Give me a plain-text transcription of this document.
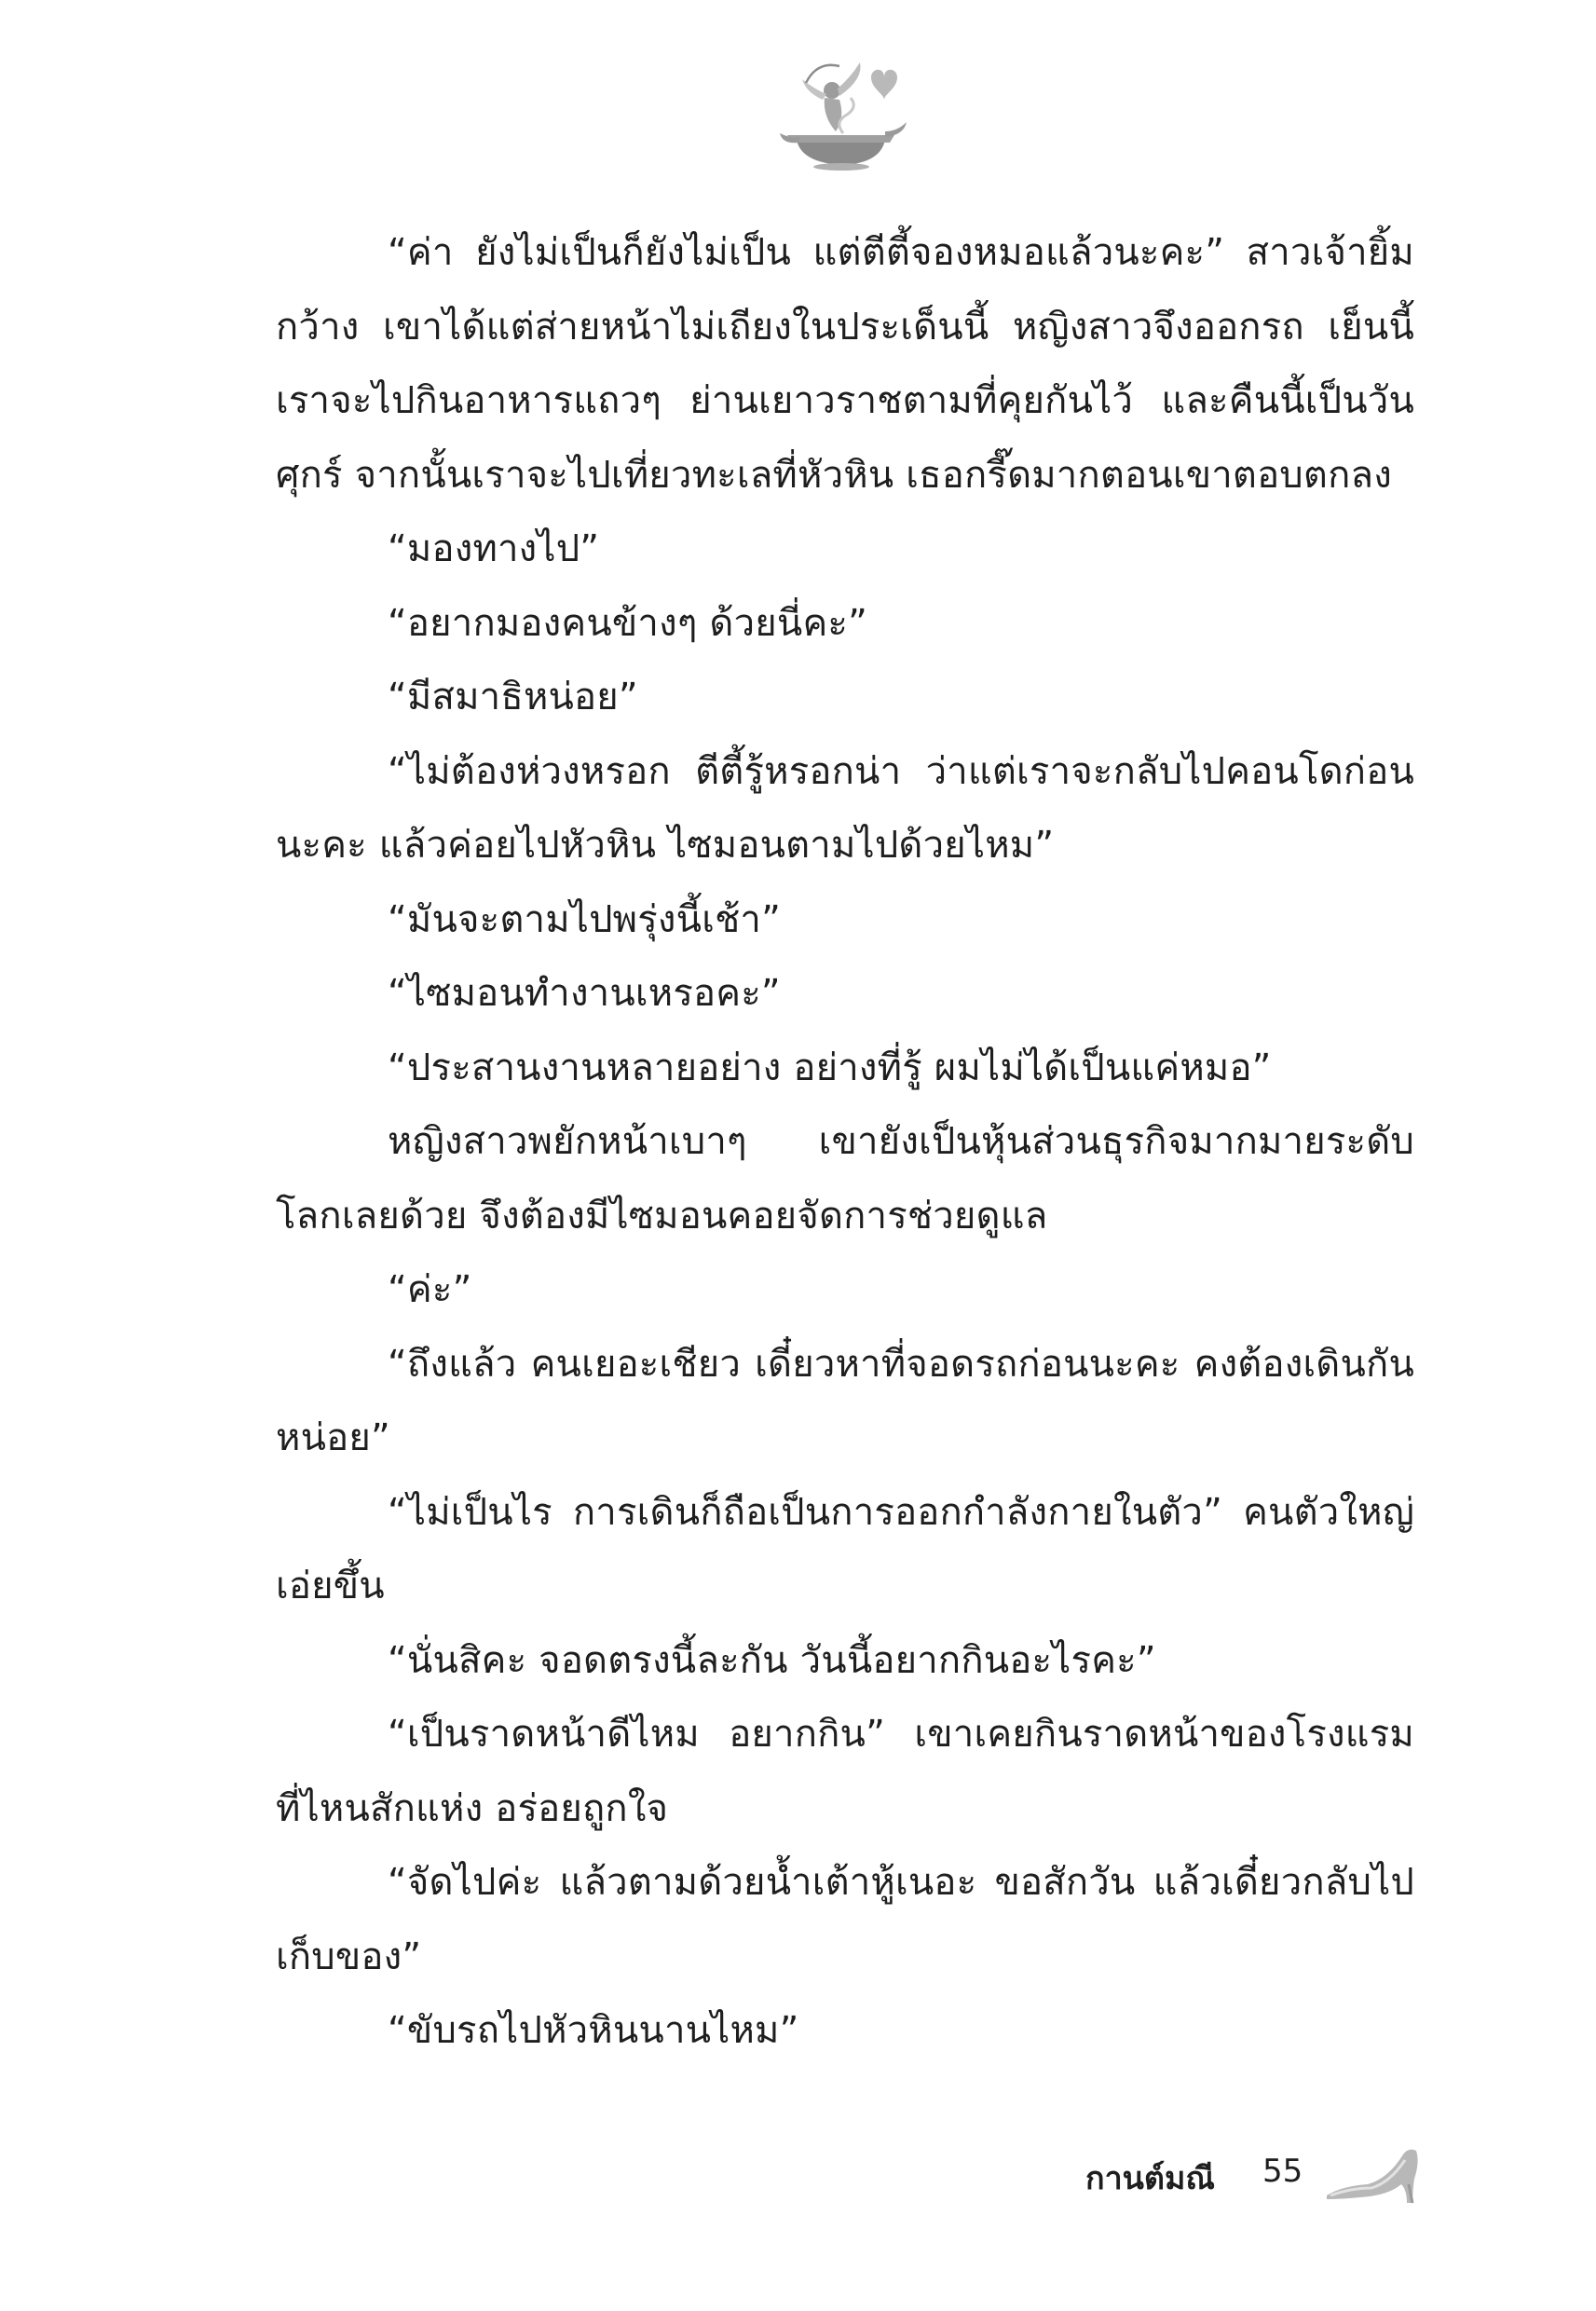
“ค่า ยังไม่เป็นก็ยังไม่เป็น แต่ตีตี้จองหมอแล้วนะคะ” สาวเจ้ายิ้มกว้าง เขาได้แต่ส่ายหน้าไม่เถียงในประเด็นนี้ หญิงสาวจึงออกรถ เย็นนี้เราจะไปกินอาหารแถวๆ ย่านเยาวราชตามที่คุยกันไว้ และคืนนี้เป็นวันศุกร์ จากนั้นเราจะไปเที่ยวทะเลที่หัวหิน เธอกรี๊ดมากตอนเขาตอบตกลง

“มองทางไป”

“อยากมองคนข้างๆ ด้วยนี่คะ”

“มีสมาธิหน่อย”

“ไม่ต้องห่วงหรอก ตีตี้รู้หรอกน่า ว่าแต่เราจะกลับไปคอนโดก่อนนะคะ แล้วค่อยไปหัวหิน ไซมอนตามไปด้วยไหม”

“มันจะตามไปพรุ่งนี้เช้า”

“ไซมอนทำงานเหรอคะ”

“ประสานงานหลายอย่าง อย่างที่รู้ ผมไม่ได้เป็นแค่หมอ”

หญิงสาวพยักหน้าเบาๆ เขายังเป็นหุ้นส่วนธุรกิจมากมายระดับโลกเลยด้วย จึงต้องมีไซมอนคอยจัดการช่วยดูแล

“ค่ะ”

“ถึงแล้ว คนเยอะเชียว เดี๋ยวหาที่จอดรถก่อนนะคะ คงต้องเดินกันหน่อย”

“ไม่เป็นไร การเดินก็ถือเป็นการออกกำลังกายในตัว” คนตัวใหญ่เอ่ยขึ้น

“นั่นสิคะ จอดตรงนี้ละกัน วันนี้อยากกินอะไรคะ”

“เป็นราดหน้าดีไหม อยากกิน” เขาเคยกินราดหน้าของโรงแรมที่ไหนสักแห่ง อร่อยถูกใจ

“จัดไปค่ะ แล้วตามด้วยน้ำเต้าหู้เนอะ ขอสักวัน แล้วเดี๋ยวกลับไปเก็บของ”

“ขับรถไปหัวหินนานไหม”

กานต์มณี 55
